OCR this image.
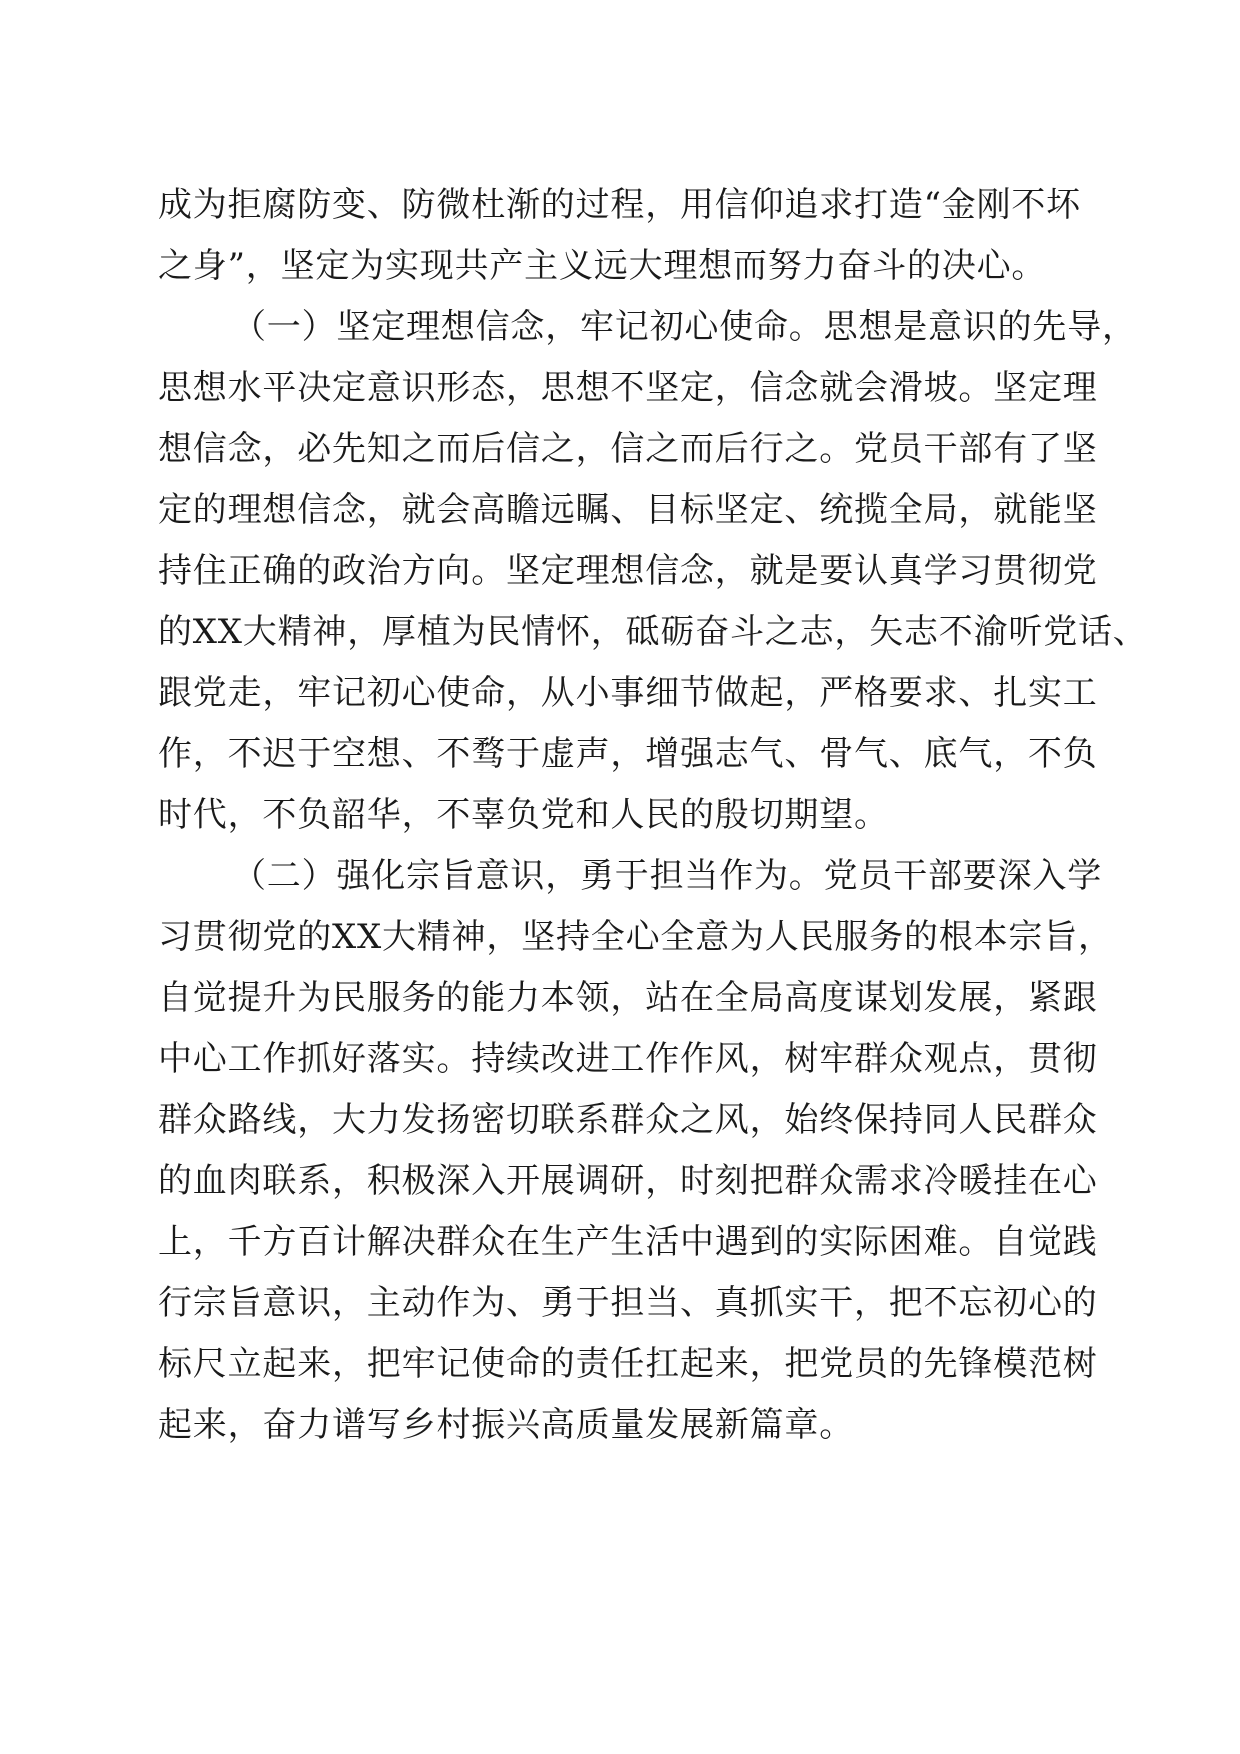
成为拒腐防变、防微杜渐的过程，用信仰追求打造“金刚不坏
之身”，坚定为实现共产主义远大理想而努力奋斗的决心。
（一）坚定理想信念，牢记初心使命。思想是意识的先导，
思想水平决定意识形态，思想不坚定，信念就会滑坡。坚定理
想信念，必先知之而后信之，信之而后行之。党员干部有了坚
定的理想信念，就会高瞻远瞩、目标坚定、统揽全局，就能坚
持住正确的政治方向。坚定理想信念，就是要认真学习贯彻党
的XX大精神，厚植为民情怀，砥砺奋斗之志，矢志不渝听党话、
跟党走，牢记初心使命，从小事细节做起，严格要求、扎实工
作，不迟于空想、不骛于虚声，增强志气、骨气、底气，不负
时代，不负韶华，不辜负党和人民的殷切期望。
（二）强化宗旨意识，勇于担当作为。党员干部要深入学
习贯彻党的XX大精神，坚持全心全意为人民服务的根本宗旨，
自觉提升为民服务的能力本领，站在全局高度谋划发展，紧跟
中心工作抓好落实。持续改进工作作风，树牢群众观点，贯彻
群众路线，大力发扬密切联系群众之风，始终保持同人民群众
的血肉联系，积极深入开展调研，时刻把群众需求冷暖挂在心
上，千方百计解决群众在生产生活中遇到的实际困难。自觉践
行宗旨意识，主动作为、勇于担当、真抓实干，把不忘初心的
标尺立起来，把牢记使命的责任扛起来，把党员的先锋模范树
起来，奋力谱写乡村振兴高质量发展新篇章。
